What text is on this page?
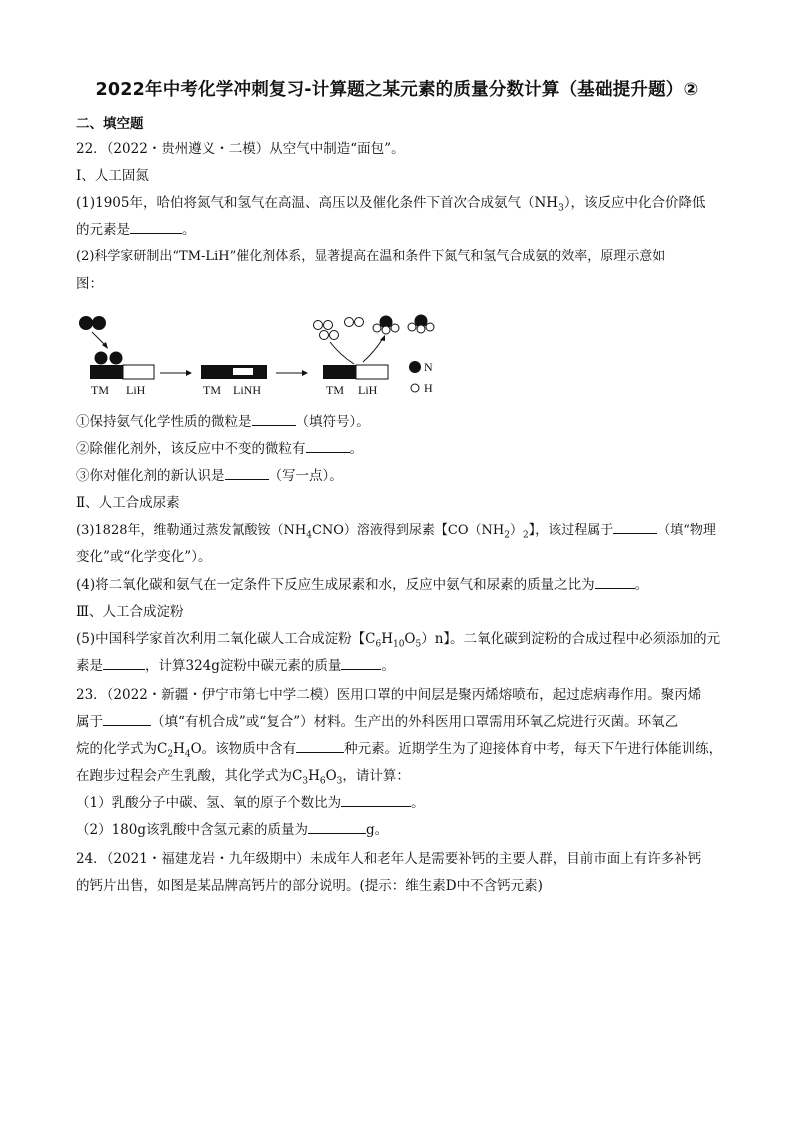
2022年中考化学冲刺复习-计算题之某元素的质量分数计算（基础提升题）②
二、填空题
22．（2022・贵州遵义・二模）从空气中制造“面包”。
Ⅰ、人工固氮
(1)1905年，哈伯将氮气和氢气在高温、高压以及催化条件下首次合成氨气$(NH_3)$，该反应中化合价降低
的元素是	。
(2)科学家研制出“TM-LiH”催化剂体系，显著提高在温和条件下氮气和氢气合成氨的效率，原理示意如
图：
TM LiH	TM LiNH	TM LiH
N
H
①保持氨气化学性质的微粒是	（填符号）。
②除催化剂外，该反应中不变的微粒有	。
③你对催化剂的新认识是	（写一点）。
Ⅱ、人工合成尿素
(3)1828年，维勒通过蒸发氰酸铵$(NH_4CNO)$溶液得到尿素【$CO(NH_2)_2$】，该过程属于	（填“物理
变化”或“化学变化”）。
(4)将二氧化碳和氨气在一定条件下反应生成尿素和水，反应中氨气和尿素的质量之比为	。
Ⅲ、人工合成淀粉
(5)中国科学家首次利用二氧化碳人工合成淀粉【$C_6H_{10}O_5)n$】。二氧化碳到淀粉的合成过程中必须添加的元
素是	，计算324g淀粉中碳元素的质量	。
23．（2022・新疆・伊宁市第七中学二模）医用口罩的中间层是聚丙烯熔喷布，起过虑病毒作用。聚丙烯
属于	（填“有机合成”或“复合”）材料。生产出的外科医用口罩需用环氧乙烷进行灭菌。环氧乙
烷的化学式为$C_2H_4O$。该物质中含有	种元素。近期学生为了迎接体育中考，每天下午进行体能训练，
在跑步过程会产生乳酸，其化学式为$C_3H_6O_3$，请计算：
（1）乳酸分子中碳、氢、氧的原子个数比为	。
（2）180g该乳酸中含氢元素的质量为	g。
24．（2021・福建龙岩・九年级期中）未成年人和老年人是需要补钙的主要人群，目前市面上有许多补钙
的钙片出售，如图是某品牌高钙片的部分说明。(提示：维生素D中不含钙元素)
